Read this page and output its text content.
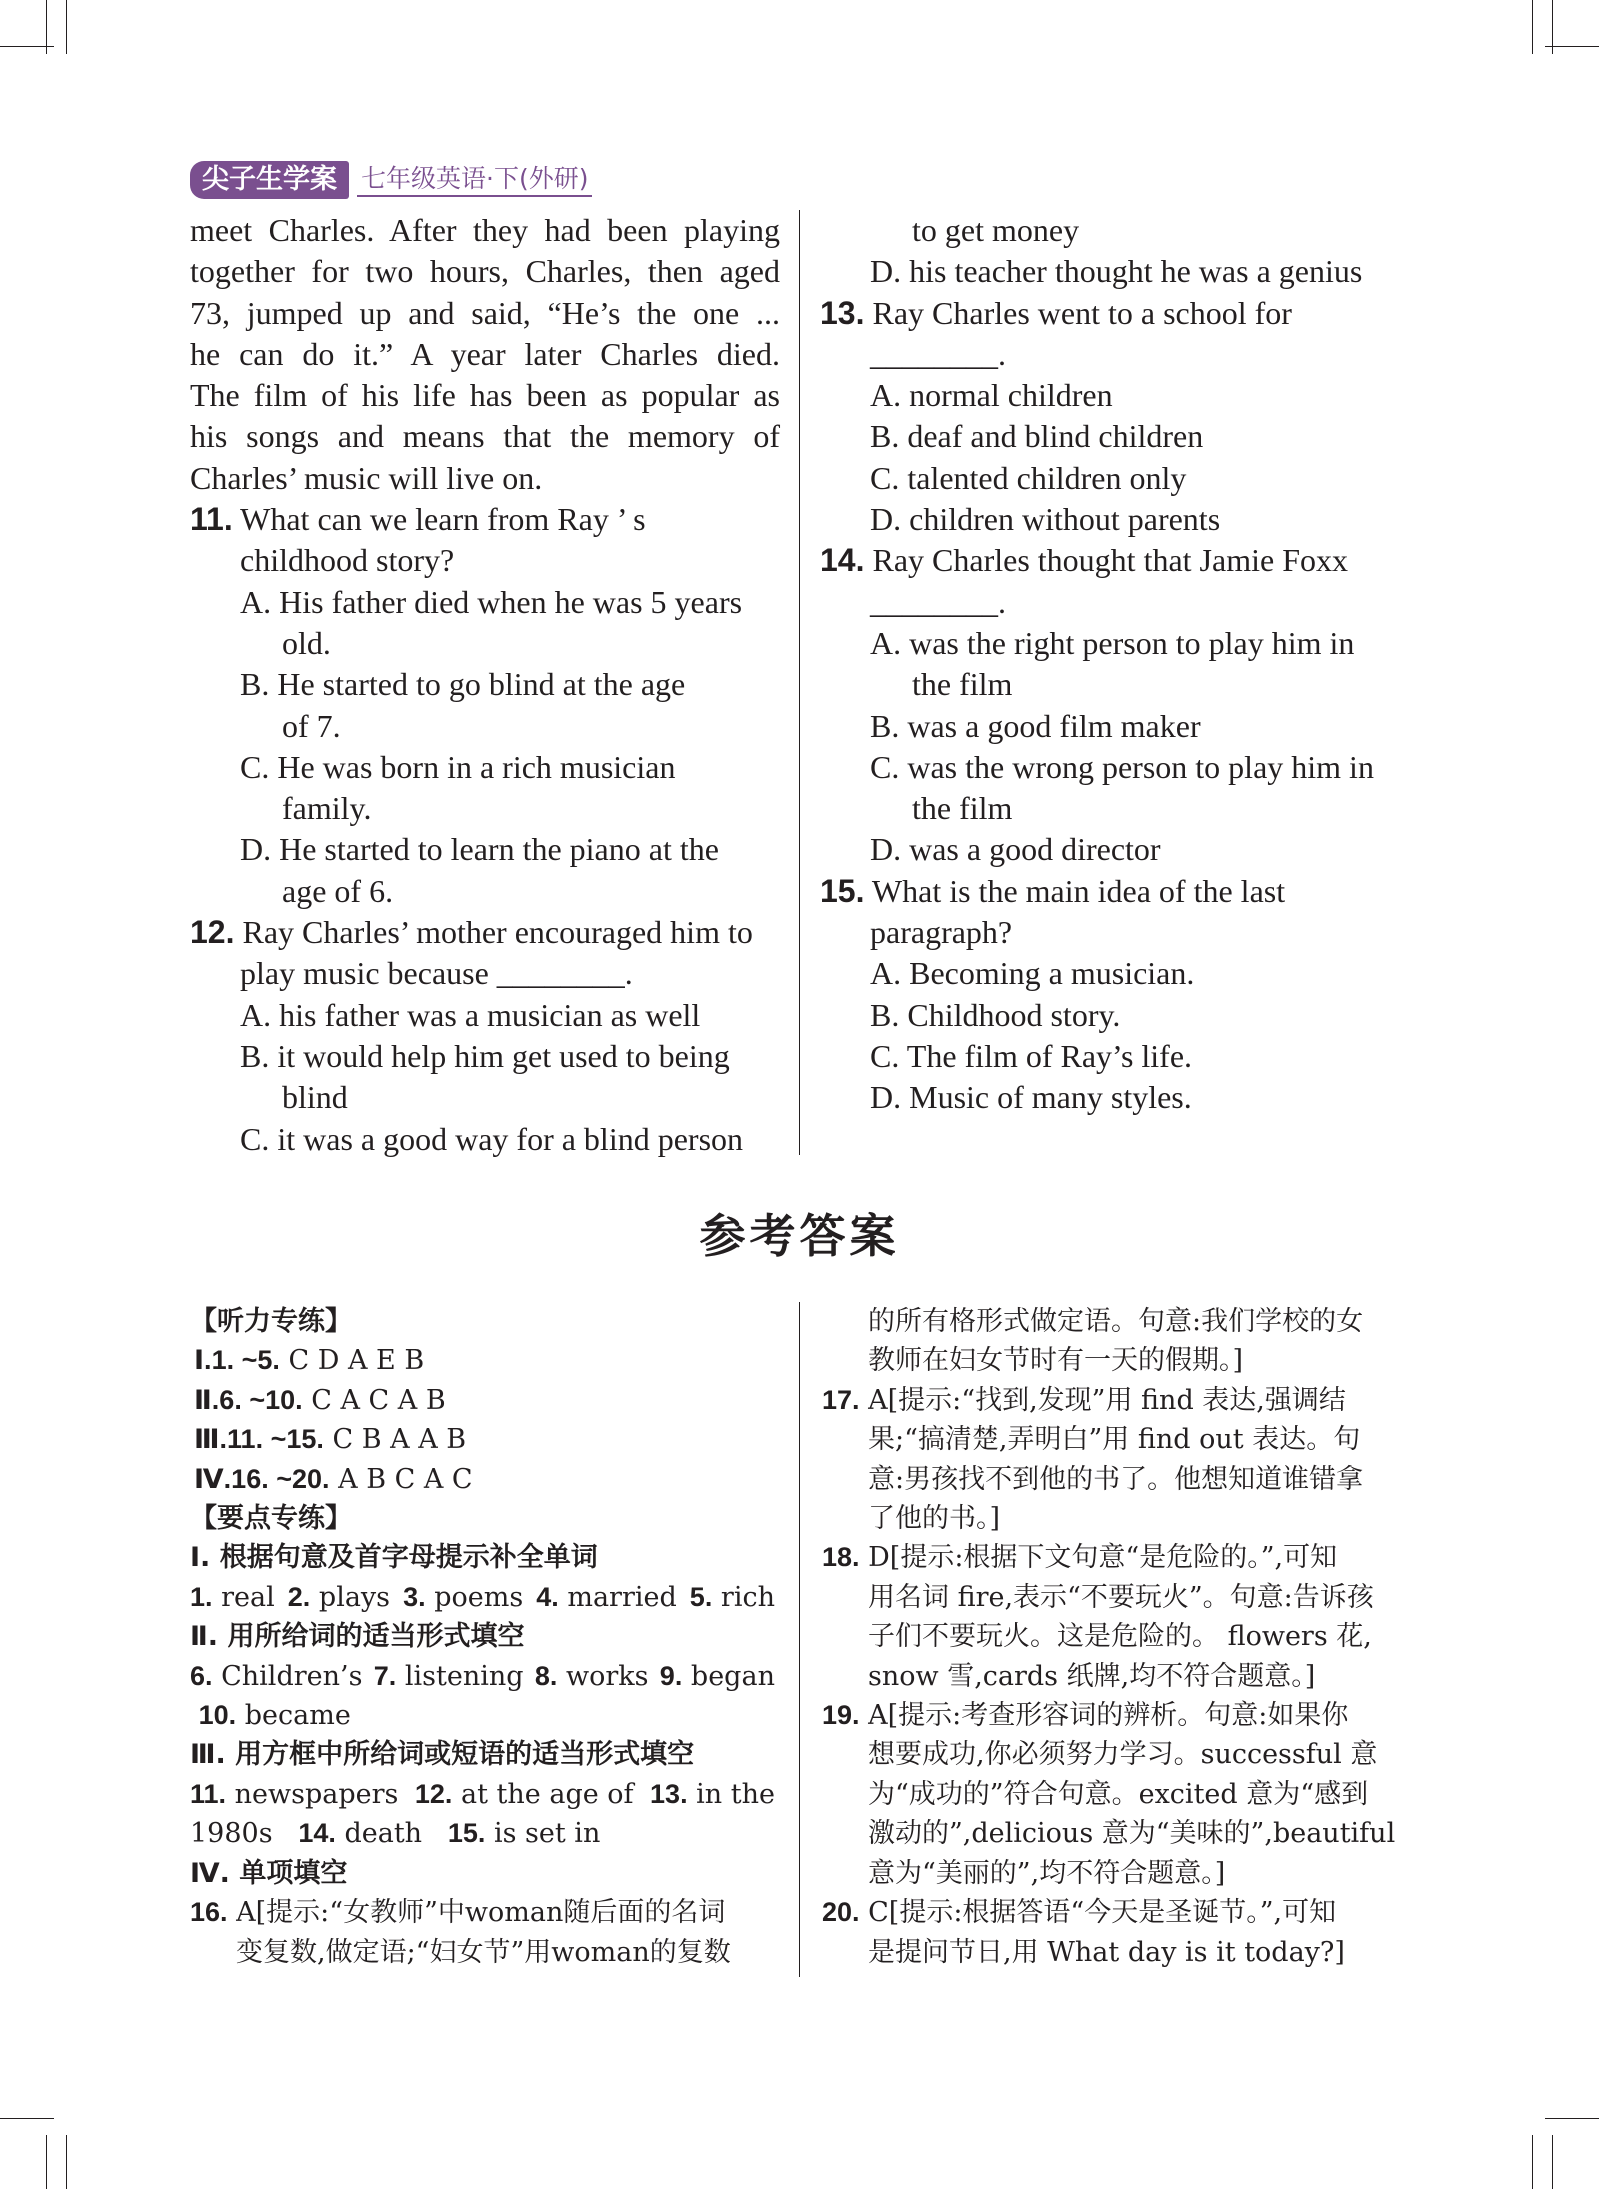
尖子生学案 七年级英语·下(外研)

meet Charles. After they had been playing

together for two hours, Charles, then aged

73, jumped up and said, “He’s the one ...

he can do it.” A year later Charles died.

The film of his life has been as popular as

his songs and means that the memory of

Charles’ music will live on.

11. What can we learn from Ray ’ s
childhood story?
A. His father died when he was 5 years
old.
B. He started to go blind at the age
of 7.
C. He was born in a rich musician
family.
D. He started to learn the piano at the
age of 6.
12. Ray Charles’ mother encouraged him to
play music because ________.
A. his father was a musician as well
B. it would help him get used to being
blind
C. it was a good way for a blind person
to get money
D. his teacher thought he was a genius
13. Ray Charles went to a school for
________.
A. normal children
B. deaf and blind children
C. talented children only
D. children without parents
14. Ray Charles thought that Jamie Foxx
________.
A. was the right person to play him in
the film
B. was a good film maker
C. was the wrong person to play him in
the film
D. was a good director
15. What is the main idea of the last
paragraph?
A. Becoming a musician.
B. Childhood story.
C. The film of Ray’s life.
D. Music of many styles.
参考答案

【听力专练】

Ⅰ.1. ~5. C D A E B

Ⅱ.6. ~10. C A C A B

Ⅲ.11. ~15. C B A A B

Ⅳ.16. ~20. A B C A C

【要点专练】

Ⅰ. 根据句意及首字母提示补全单词

1. real 2. plays 3. poems 4. married 5. rich

Ⅱ. 用所给词的适当形式填空

6. Children’s 7. listening 8. works 9. began

10. became

Ⅲ. 用方框中所给词或短语的适当形式填空

11. newspapers 12. at the age of 13. in the

1980s 14. death 15. is set in

Ⅳ. 单项填空

16. A[提示:“女教师”中woman随后面的名词
变复数,做定语;“妇女节”用woman的复数
的所有格形式做定语。句意:我们学校的女
教师在妇女节时有一天的假期。]
17. A[提示:“找到,发现”用 find 表达,强调结
果;“搞清楚,弄明白”用 find out 表达。句
意:男孩找不到他的书了。他想知道谁错拿
了他的书。]
18. D[提示:根据下文句意“是危险的。”,可知
用名词 fire,表示“不要玩火”。句意:告诉孩
子们不要玩火。这是危险的。 flowers 花,
snow 雪,cards 纸牌,均不符合题意。]
19. A[提示:考查形容词的辨析。句意:如果你
想要成功,你必须努力学习。successful 意
为“成功的”符合句意。excited 意为“感到
激动的”,delicious 意为“美味的”,beautiful
意为“美丽的”,均不符合题意。]
20. C[提示:根据答语“今天是圣诞节。”,可知
是提问节日,用 What day is it today?]
